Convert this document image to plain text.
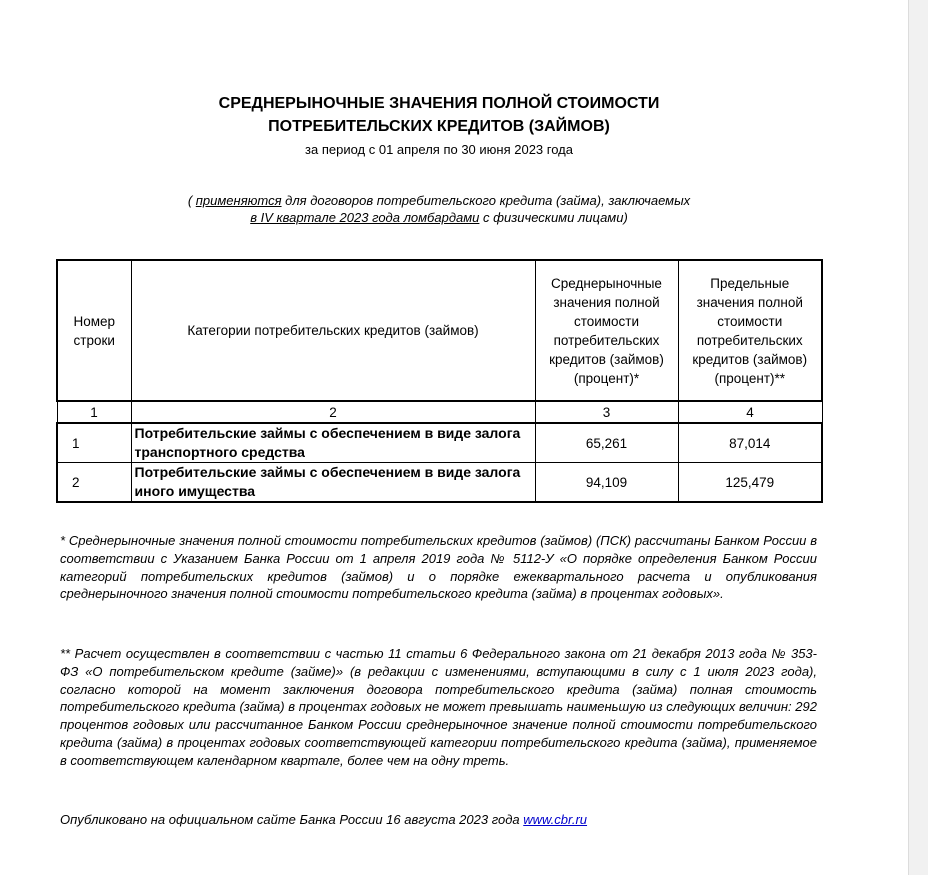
СРЕДНЕРЫНОЧНЫЕ ЗНАЧЕНИЯ ПОЛНОЙ СТОИМОСТИ
ПОТРЕБИТЕЛЬСКИХ КРЕДИТОВ (ЗАЙМОВ)
за период с 01 апреля по 30 июня 2023 года
( применяются для договоров потребительского кредита (займа), заключаемых
в IV квартале 2023 года ломбардами с физическими лицами)
Номер строки	Категории потребительских кредитов (займов)	Среднерыночные значения полной стоимости потребительских кредитов (займов) (процент)*	Предельные значения полной стоимости потребительских кредитов (займов) (процент)**

1	2	3	4
1	Потребительские займы с обеспечением в виде залога транспортного средства	65,261	87,014
2	Потребительские займы с обеспечением в виде залога иного имущества	94,109	125,479
* Среднерыночные значения полной стоимости потребительских кредитов (займов) (ПСК) рассчитаны Банком России в соответствии с Указанием Банка России от 1 апреля 2019 года № 5112-У «О порядке определения Банком России категорий потребительских кредитов (займов) и о порядке ежеквартального расчета и опубликования среднерыночного значения полной стоимости потребительского кредита (займа) в процентах годовых».
** Расчет осуществлен в соответствии с частью 11 статьи 6 Федерального закона от 21 декабря 2013 года № 353-ФЗ «О потребительском кредите (займе)» (в редакции с изменениями, вступающими в силу с 1 июля 2023 года), согласно которой на момент заключения договора потребительского кредита (займа) полная стоимость потребительского кредита (займа) в процентах годовых не может превышать наименьшую из следующих величин: 292 процентов годовых или рассчитанное Банком России среднерыночное значение полной стоимости потребительского кредита (займа) в процентах годовых соответствующей категории потребительского кредита (займа), применяемое в соответствующем календарном квартале, более чем на одну треть.
Опубликовано на официальном сайте Банка России 16 августа 2023 года www.cbr.ru
